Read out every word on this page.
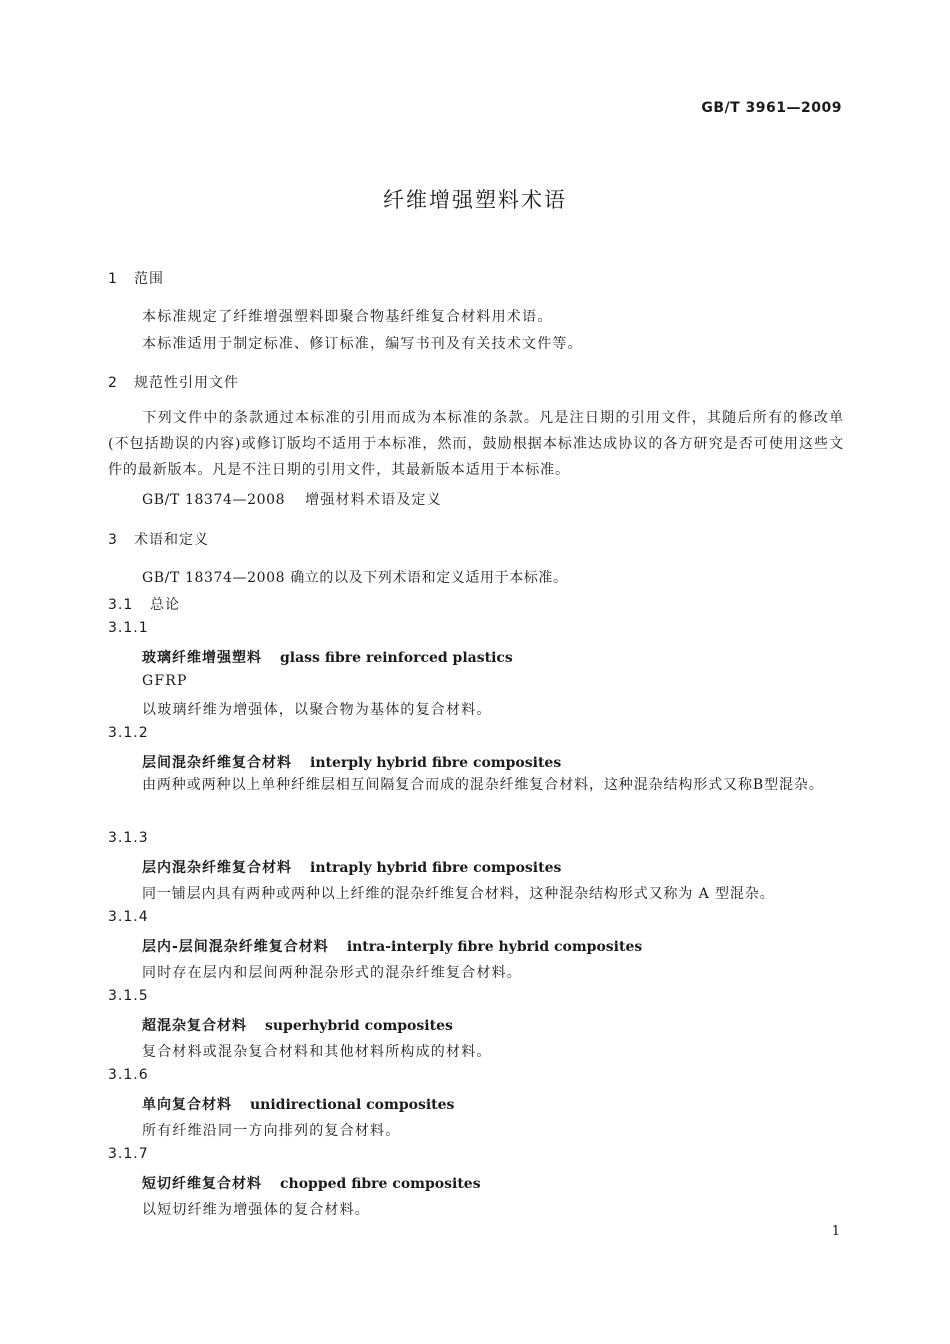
GB/T 3961—2009
纤维增强塑料术语
1 范围
本标准规定了纤维增强塑料即聚合物基纤维复合材料用术语。
本标准适用于制定标准、修订标准，编写书刊及有关技术文件等。
2 规范性引用文件
下列文件中的条款通过本标准的引用而成为本标准的条款。凡是注日期的引用文件，其随后所有的修改单(不包括勘误的内容)或修订版均不适用于本标准，然而，鼓励根据本标准达成协议的各方研究是否可使用这些文件的最新版本。凡是不注日期的引用文件，其最新版本适用于本标准。
GB/T 18374—2008 增强材料术语及定义
3 术语和定义
GB/T 18374—2008 确立的以及下列术语和定义适用于本标准。
3.1 总论
3.1.1
玻璃纤维增强塑料 glass fibre reinforced plastics
GFRP
以玻璃纤维为增强体，以聚合物为基体的复合材料。
3.1.2
层间混杂纤维复合材料 interply hybrid fibre composites
由两种或两种以上单种纤维层相互间隔复合而成的混杂纤维复合材料，这种混杂结构形式又称B型混杂。
3.1.3
层内混杂纤维复合材料 intraply hybrid fibre composites
同一铺层内具有两种或两种以上纤维的混杂纤维复合材料，这种混杂结构形式又称为 A 型混杂。
3.1.4
层内-层间混杂纤维复合材料 intra-interply fibre hybrid composites
同时存在层内和层间两种混杂形式的混杂纤维复合材料。
3.1.5
超混杂复合材料 superhybrid composites
复合材料或混杂复合材料和其他材料所构成的材料。
3.1.6
单向复合材料 unidirectional composites
所有纤维沿同一方向排列的复合材料。
3.1.7
短切纤维复合材料 chopped fibre composites
以短切纤维为增强体的复合材料。
1
